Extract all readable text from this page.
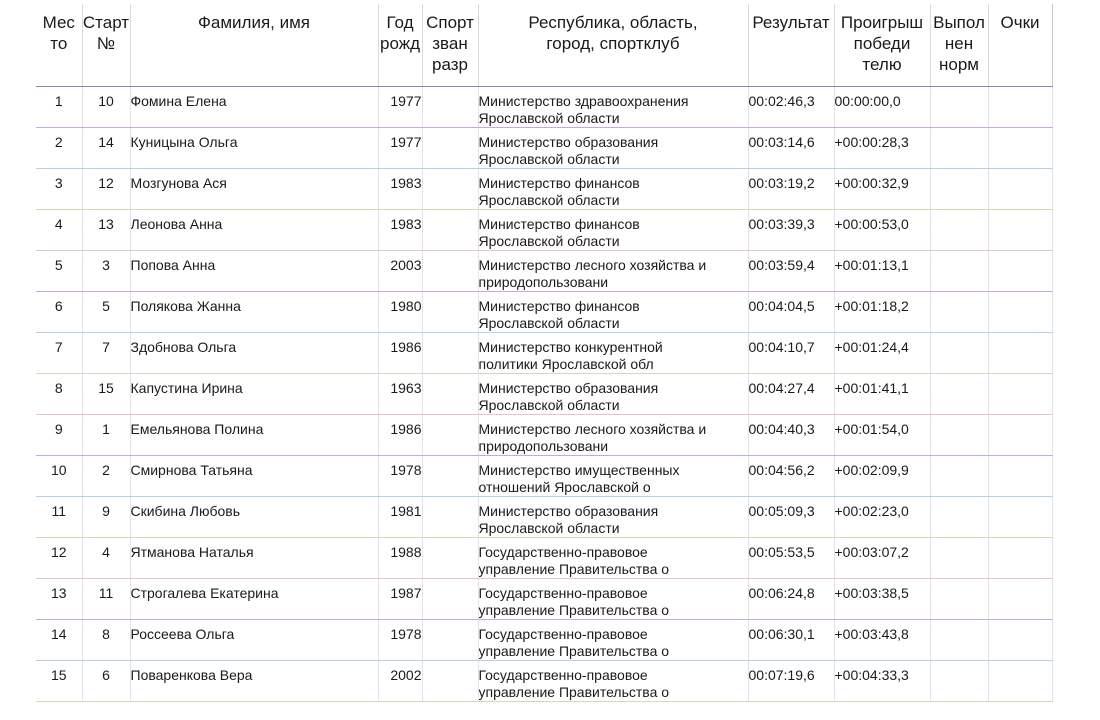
Мес
то	Старт
№	Фамилия, имя	Год
рожд	Спорт
зван
разр	Республика, область,
город, спортклуб	Результат	Проигрыш
победи
телю	Выпол
нен
норм	Очки
1	10	Фомина Елена	1977		Министерство здравоохранения
Ярославской области	00:02:46,3	00:00:00,0		
2	14	Куницына Ольга	1977		Министерство образования
Ярославской области	00:03:14,6	+00:00:28,3		
3	12	Мозгунова Ася	1983		Министерство финансов
Ярославской области	00:03:19,2	+00:00:32,9		
4	13	Леонова Анна	1983		Министерство финансов
Ярославской области	00:03:39,3	+00:00:53,0		
5	3	Попова Анна	2003		Министерство лесного хозяйства и
природопользовани	00:03:59,4	+00:01:13,1		
6	5	Полякова Жанна	1980		Министерство финансов
Ярославской области	00:04:04,5	+00:01:18,2		
7	7	Здобнова Ольга	1986		Министерство конкурентной
политики Ярославской обл	00:04:10,7	+00:01:24,4		
8	15	Капустина Ирина	1963		Министерство образования
Ярославской области	00:04:27,4	+00:01:41,1		
9	1	Емельянова Полина	1986		Министерство лесного хозяйства и
природопользовани	00:04:40,3	+00:01:54,0		
10	2	Смирнова Татьяна	1978		Министерство имущественных
отношений Ярославской о	00:04:56,2	+00:02:09,9		
11	9	Скибина Любовь	1981		Министерство образования
Ярославской области	00:05:09,3	+00:02:23,0		
12	4	Ятманова Наталья	1988		Государственно-правовое
управление Правительства о	00:05:53,5	+00:03:07,2		
13	11	Строгалева Екатерина	1987		Государственно-правовое
управление Правительства о	00:06:24,8	+00:03:38,5		
14	8	Россеева Ольга	1978		Государственно-правовое
управление Правительства о	00:06:30,1	+00:03:43,8		
15	6	Поваренкова Вера	2002		Государственно-правовое
управление Правительства о	00:07:19,6	+00:04:33,3		
